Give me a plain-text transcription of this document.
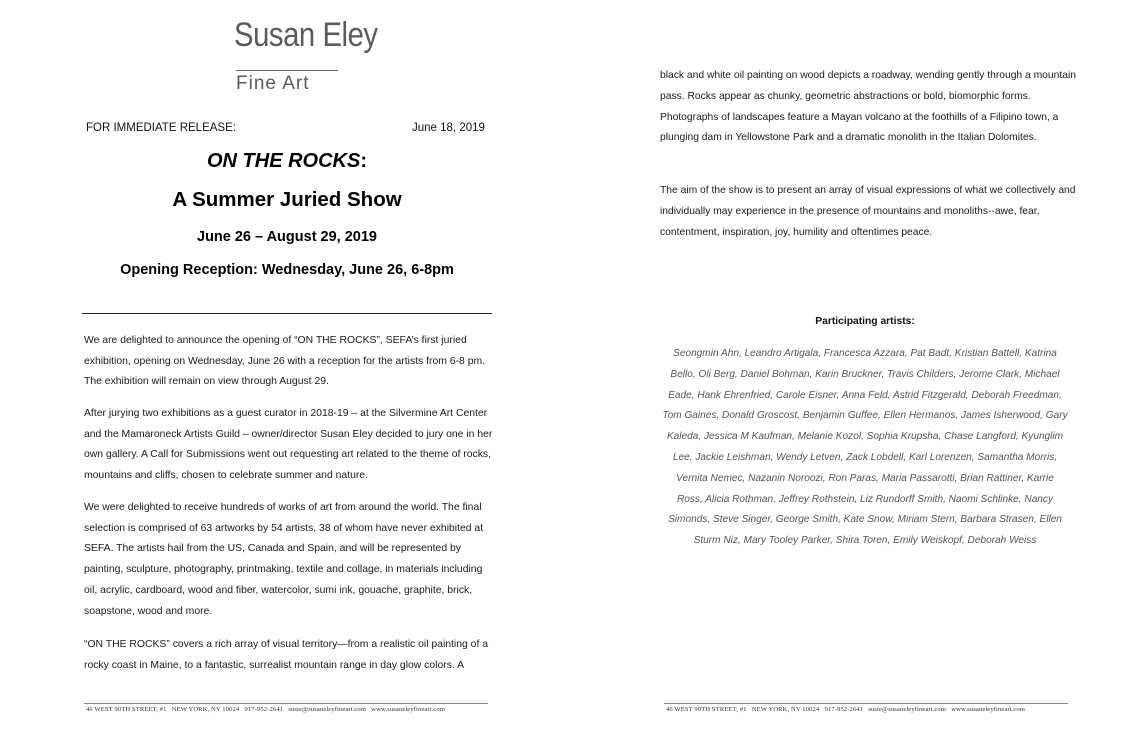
Susan Eley
Fine Art
FOR IMMEDIATE RELEASE:	June 18, 2019
ON THE ROCKS:
A Summer Juried Show
June 26 – August 29, 2019
Opening Reception: Wednesday, June 26, 6-8pm

We are delighted to announce the opening of “ON THE ROCKS”, SEFA’s first juried exhibition, opening on Wednesday, June 26 with a reception for the artists from 6-8 pm. The exhibition will remain on view through August 29.

After jurying two exhibitions as a guest curator in 2018-19 – at the Silvermine Art Center and the Mamaroneck Artists Guild – owner/director Susan Eley decided to jury one in her own gallery. A Call for Submissions went out requesting art related to the theme of rocks, mountains and cliffs, chosen to celebrate summer and nature.

We were delighted to receive hundreds of works of art from around the world. The final selection is comprised of 63 artworks by 54 artists, 38 of whom have never exhibited at SEFA. The artists hail from the US, Canada and Spain, and will be represented by painting, sculpture, photography, printmaking, textile and collage, in materials including oil, acrylic, cardboard, wood and fiber, watercolor, sumi ink, gouache, graphite, brick, soapstone, wood and more.

“ON THE ROCKS” covers a rich array of visual territory—from a realistic oil painting of a rocky coast in Maine, to a fantastic, surrealist mountain range in day glow colors. A

46 WEST 90TH STREET, #1 NEW YORK, NY 10024 917-952-2641 susie@susaneleyfineart.com www.susaneleyfineart.com

black and white oil painting on wood depicts a roadway, wending gently through a mountain pass. Rocks appear as chunky, geometric abstractions or bold, biomorphic forms. Photographs of landscapes feature a Mayan volcano at the foothills of a Filipino town, a plunging dam in Yellowstone Park and a dramatic monolith in the Italian Dolomites.

The aim of the show is to present an array of visual expressions of what we collectively and individually may experience in the presence of mountains and monoliths--awe, fear, contentment, inspiration, joy, humility and oftentimes peace.

Participating artists:
Seongmin Ahn, Leandro Artigala, Francesca Azzara, Pat Badt, Kristian Battell, Katrina Bello, Oli Berg, Daniel Bohman, Karin Bruckner, Travis Childers, Jerome Clark, Michael Eade, Hank Ehrenfried, Carole Eisner, Anna Feld, Astrid Fitzgerald, Deborah Freedman, Tom Gaines, Donald Groscost, Benjamin Guffee, Ellen Hermanos, James Isherwood, Gary Kaleda, Jessica M Kaufman, Melanie Kozol, Sophia Krupsha, Chase Langford, Kyunglim Lee, Jackie Leishman, Wendy Letven, Zack Lobdell, Karl Lorenzen, Samantha Morris, Vernita Nemec, Nazanin Noroozi, Ron Paras, Maria Passarotti, Brian Rattiner, Karrie Ross, Alicia Rothman, Jeffrey Rothstein, Liz Rundorff Smith, Naomi Schlinke, Nancy Simonds, Steve Singer, George Smith, Kate Snow, Miriam Stern, Barbara Strasen, Ellen Sturm Niz, Mary Tooley Parker, Shira Toren, Emily Weiskopf, Deborah Weiss
46 WEST 90TH STREET, #1 NEW YORK, NY 10024 917-952-2641 susie@susaneleyfineart.com www.susaneleyfineart.com
